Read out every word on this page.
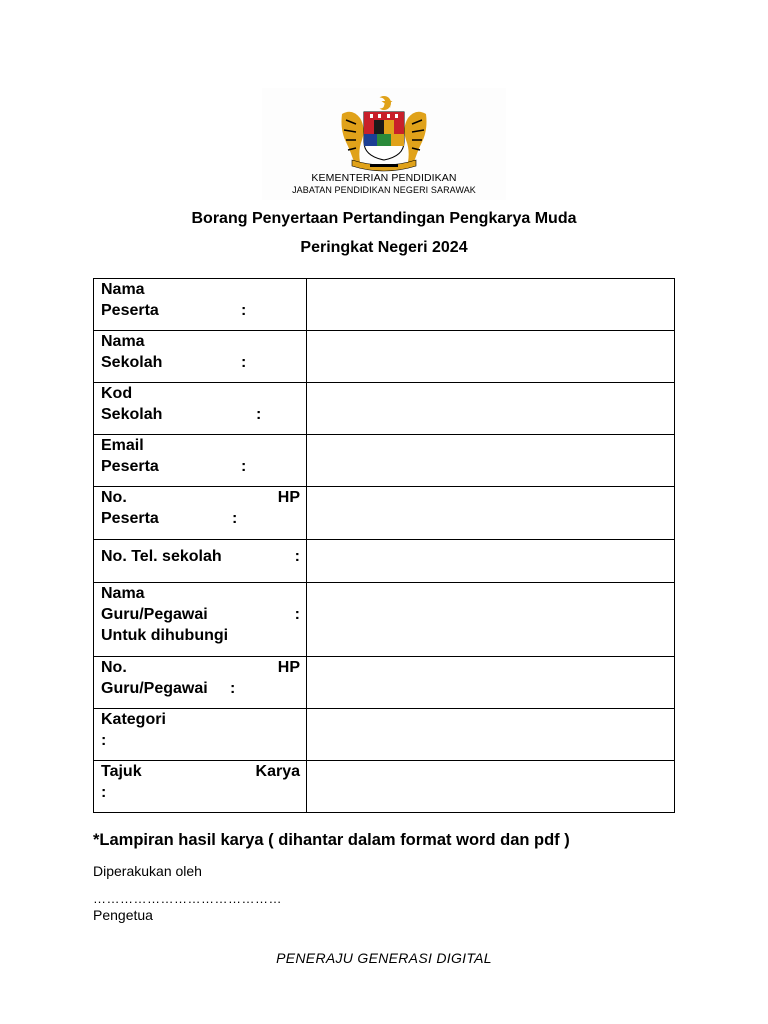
KEMENTERIAN PENDIDIKAN
JABATAN PENDIDIKAN NEGERI SARAWAK
Borang Penyertaan Pertandingan Pengkarya Muda
Peringkat Negeri 2024
Nama
Peserta :	

Nama
Sekolah :	

Kod
Sekolah :	

Email
Peserta :	

No. HP
Peserta :	

No. Tel. sekolah :	

Nama
Guru/Pegawai :
Untuk dihubungi	

No. HP
Guru/Pegawai :	

Kategori
:	

Tajuk Karya
:	

*Lampiran hasil karya ( dihantar dalam format word dan pdf )
Diperakukan oleh
……………………………………
Pengetua
PENERAJU GENERASI DIGITAL
